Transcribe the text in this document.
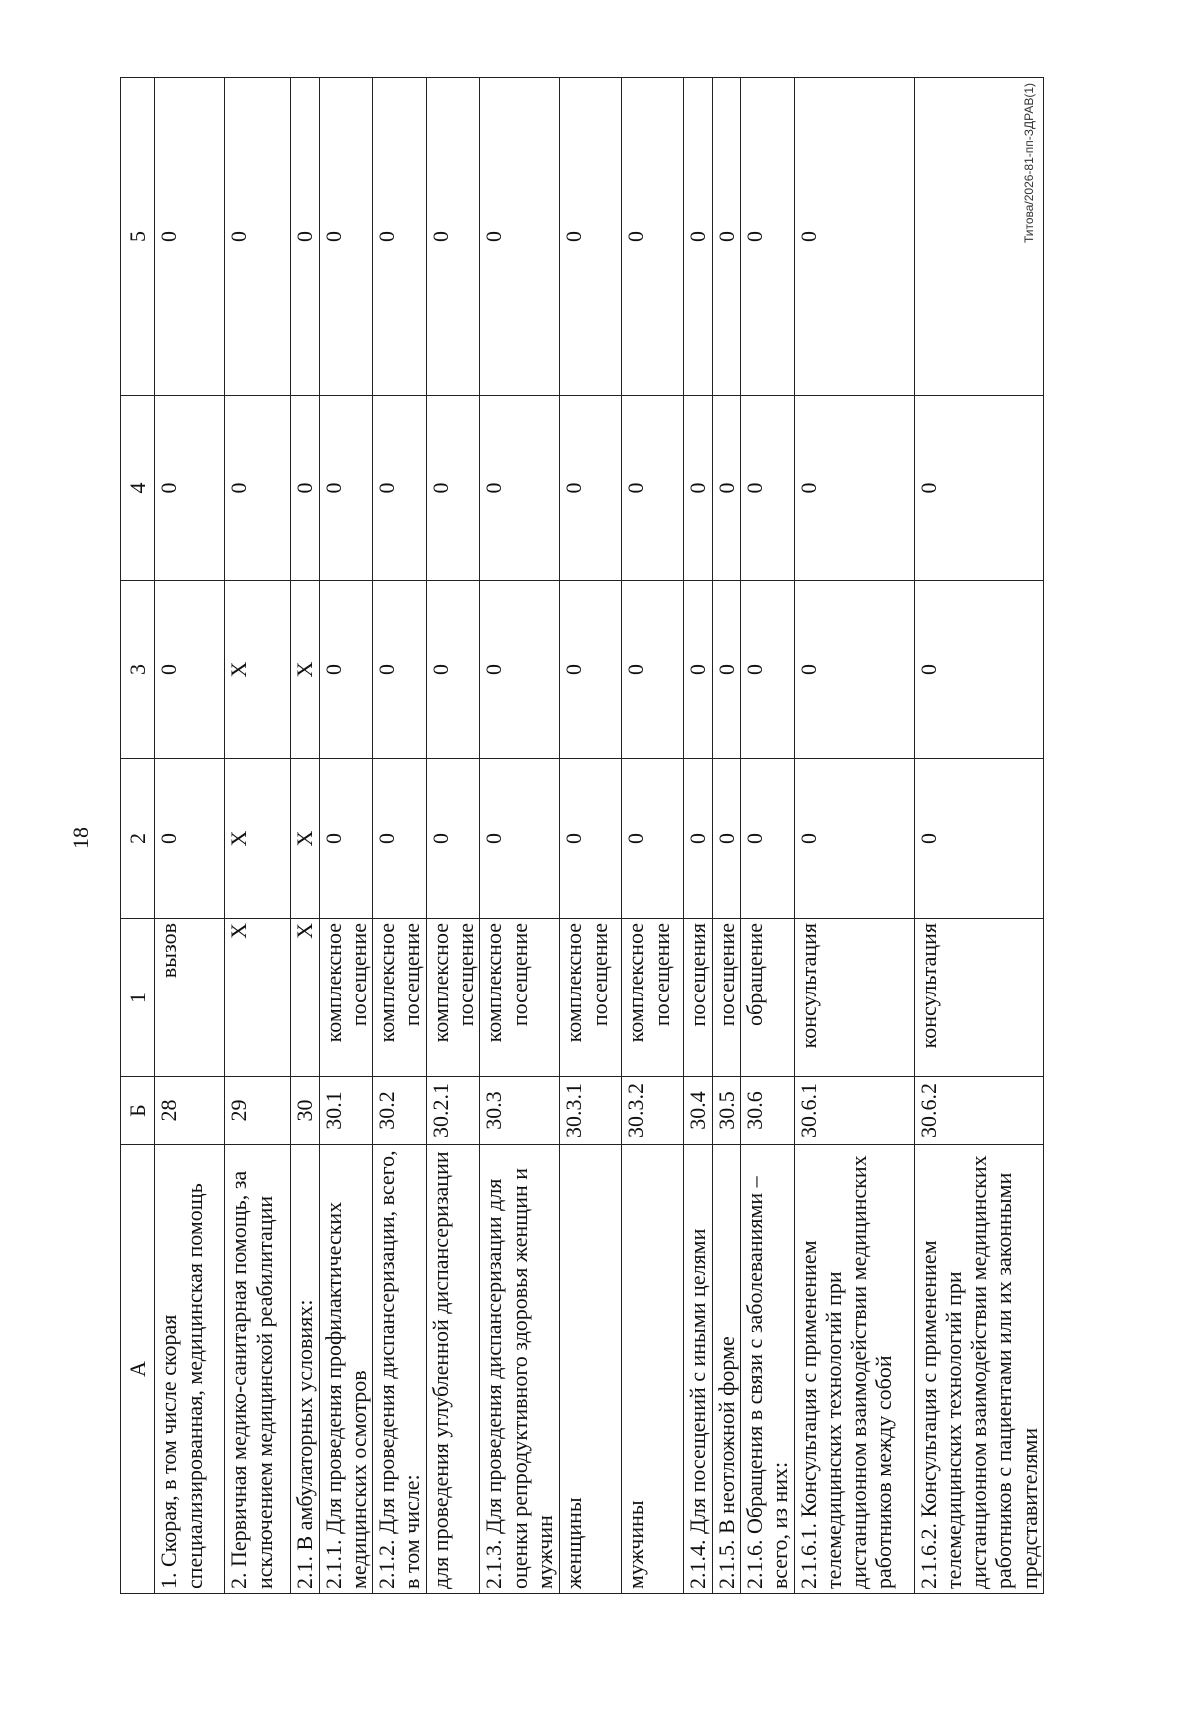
18
Титова/2026-81-пп-ЗДРАВ(1)
А	Б	1	2	3	4	5
1. Скорая, в том числе скорая специализированная, медицинская помощь	28	вызов	0	0	0	0
2. Первичная медико-санитарная помощь, за исключением медицинской реабилитации	29	Х	Х	Х	0	0
2.1. В амбулаторных условиях:	30	Х	Х	Х	0	0
2.1.1. Для проведения профилактических медицинских осмотров	30.1	комплексное посещение	0	0	0	0
2.1.2. Для проведения диспансеризации, всего, в том числе:	30.2	комплексное посещение	0	0	0	0
для проведения углубленной диспансеризации	30.2.1	комплексное посещение	0	0	0	0
2.1.3. Для проведения диспансеризации для оценки репродуктивного здоровья женщин и мужчин	30.3	комплексное посещение	0	0	0	0
женщины	30.3.1	комплексное посещение	0	0	0	0
мужчины	30.3.2	комплексное посещение	0	0	0	0
2.1.4. Для посещений с иными целями	30.4	посещения	0	0	0	0
2.1.5. В неотложной форме	30.5	посещение	0	0	0	0
2.1.6. Обращения в связи с заболеваниями – всего, из них:	30.6	обращение	0	0	0	0
2.1.6.1. Консультация с применением телемедицинских технологий при дистанционном взаимодействии медицинских работников между собой	30.6.1	консультация	0	0	0	0
2.1.6.2. Консультация с применением телемедицинских технологий при дистанционном взаимодействии медицинских работников с пациентами или их законными представителями	30.6.2	консультация	0	0	0	
